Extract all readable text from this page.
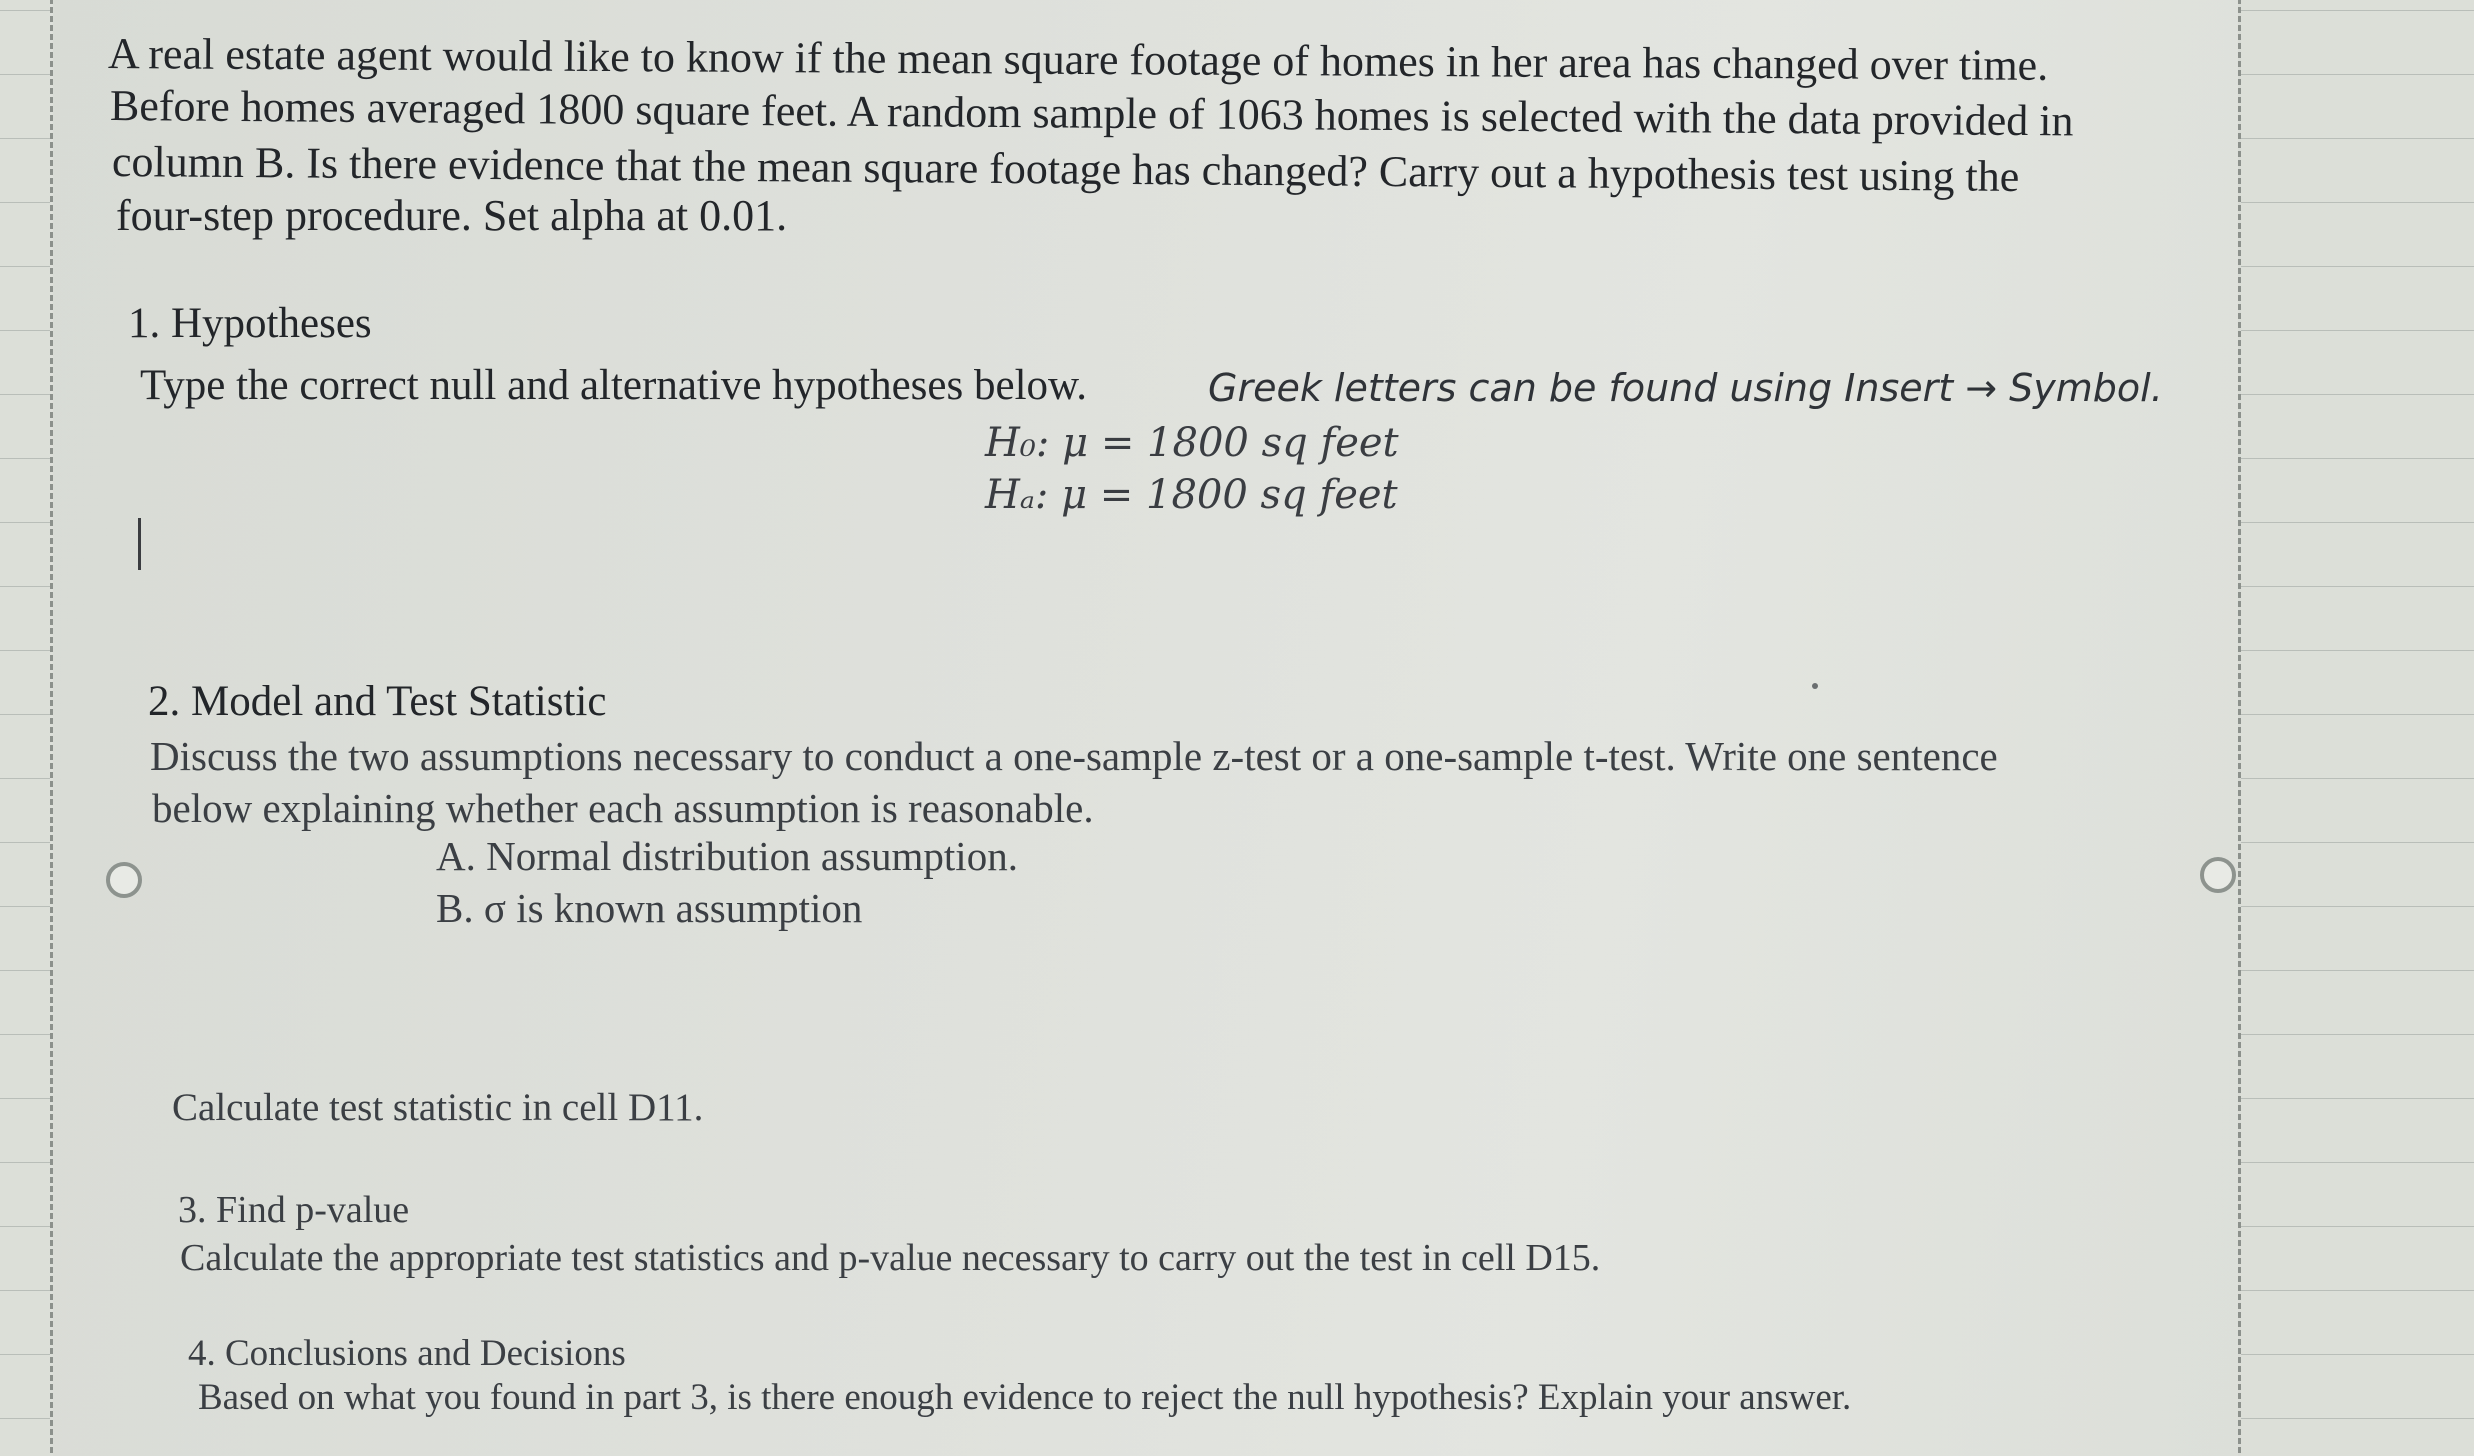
A real estate agent would like to know if the mean square footage of homes in her area has changed over time.
Before homes averaged 1800 square feet. A random sample of 1063 homes is selected with the data provided in
column B. Is there evidence that the mean square footage has changed? Carry out a hypothesis test using the
four-step procedure. Set alpha at 0.01.
1. Hypotheses
Type the correct null and alternative hypotheses below.	Greek letters can be found using Insert → Symbol.
H₀: μ = 1800 sq feet
Hₐ: μ = 1800 sq feet
2. Model and Test Statistic
Discuss the two assumptions necessary to conduct a one-sample z-test or a one-sample t-test. Write one sentence
below explaining whether each assumption is reasonable.
A. Normal distribution assumption.
B. σ is known assumption
Calculate test statistic in cell D11.
3. Find p-value
Calculate the appropriate test statistics and p-value necessary to carry out the test in cell D15.
4. Conclusions and Decisions
Based on what you found in part 3, is there enough evidence to reject the null hypothesis? Explain your answer.
